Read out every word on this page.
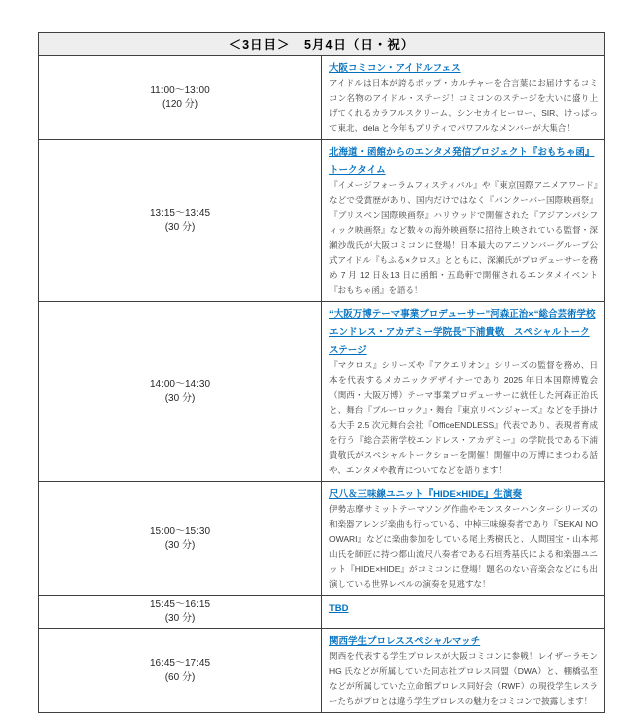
＜3日目＞　5月4日（日・祝）	

11:00～13:00
(120 分)
	大阪コミコン・アイドルフェス
アイドルは日本が誇るポップ・カルチャーを合言葉にお届けするコミコン名物のアイドル・ステージ！コミコンのステージを大いに盛り上げてくれるカラフルスクリーム、シンセカイヒーロー、SIR、けっぱって東北、dela と今年もプリティでパワフルなメンバーが大集合！

13:15～13:45
(30 分)
	北海道・函館からのエンタメ発信プロジェクト『おもちゃ函』トークタイム
『イメージフォーラムフィスティバル』や『東京国際アニメアワード』などで受賞歴があり、国内だけではなく『バンクーバー国際映画祭』『ブリスベン国際映画祭』ハリウッドで開催された『アジアンパシフィック映画祭』など数々の海外映画祭に招待上映されている監督・深瀬沙哉氏が大阪コミコンに登場！日本最大のアニソンバーグループ公式アイドル『もふる×クロス』とともに、深瀬氏がプロデューサーを務め 7 月 12 日＆13 日に函館・五島軒で開催されるエンタメイベント『おもちゃ函』を語る！

14:00～14:30
(30 分)
	“大阪万博テーマ事業プロデューサー”河森正治×“総合芸術学校エンドレス・アカデミー学院長”下浦貴敬　スペシャルトークステージ
『マクロス』シリーズや『アクエリオン』シリーズの監督を務め、日本を代表するメカニックデザイナーであり 2025 年日本国際博覧会（関西・大阪万博）テーマ事業プロデューサーに就任した河森正治氏と、舞台『ブルーロック』・舞台『東京リベンジャーズ』などを手掛ける大手 2.5 次元舞台会社『OfficeENDLESS』代表であり、表現者育成を行う『総合芸術学校エンドレス・アカデミー』の学院長である下浦貴敬氏がスペシャルトークショーを開催！開催中の万博にまつわる話や、エンタメや教育についてなどを語ります！

15:00～15:30
(30 分)
	尺八＆三味線ユニット『HIDE×HIDE』生演奏
伊勢志摩サミットテーマソング作曲やモンスターハンターシリーズの和楽器アレンジ楽曲も行っている、中棹三味線奏者であり『SEKAI NO OWARI』などに楽曲参加をしている尾上秀樹氏と、人間国宝・山本邦山氏を師匠に持つ都山流尺八奏者である石垣秀基氏による和楽器ユニット『HIDE×HIDE』がコミコンに登場！題名のない音楽会などにも出演している世界レベルの演奏を見逃すな！

15:45～16:15
(30 分)	TBD

16:45～17:45
(60 分)
	関西学生プロレススペシャルマッチ
関西を代表する学生プロレスが大阪コミコンに参戦！レイザーラモン HG 氏などが所属していた同志社プロレス同盟（DWA）と、棚橋弘至などが所属していた立命館プロレス同好会（RWF）の現役学生レスラーたちがプロとは違う学生プロレスの魅力をコミコンで披露します！
